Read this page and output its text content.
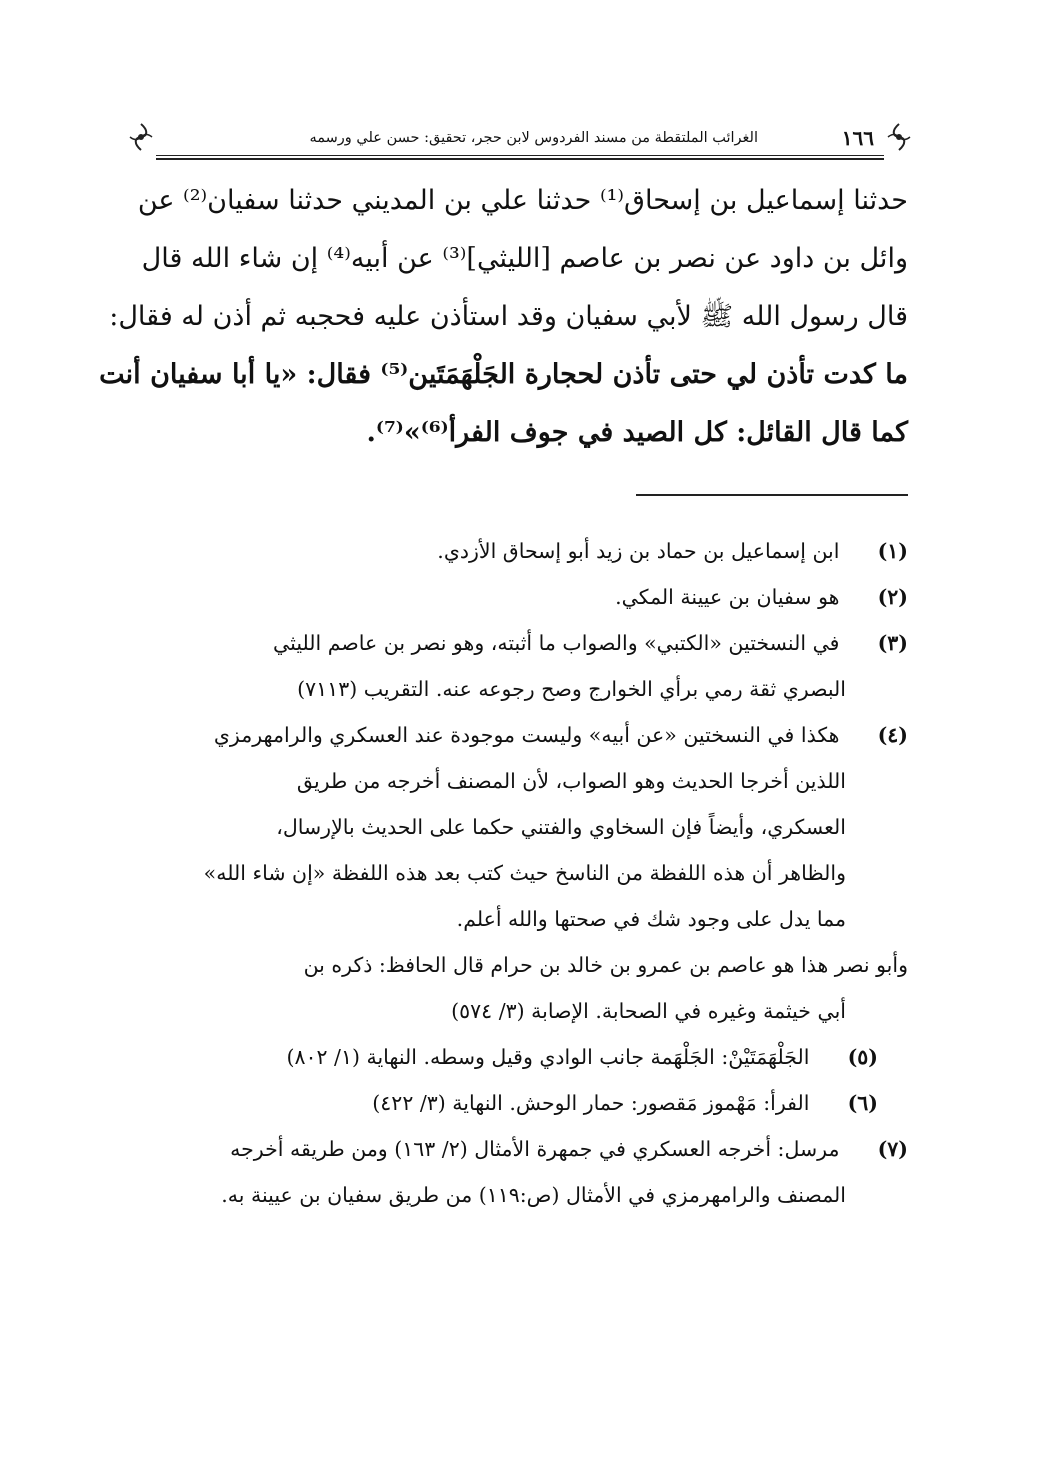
١٦٦
الغرائب الملتقطة من مسند الفردوس لابن حجر، تحقيق: حسن علي ورسمه
حدثنا إسماعيل بن إسحاق⁽¹⁾ حدثنا علي بن المديني حدثنا سفيان⁽²⁾ عن
وائل بن داود عن نصر بن عاصم [الليثي]⁽³⁾ عن أبيه⁽⁴⁾ إن شاء الله قال
قال رسول الله ﷺ لأبي سفيان وقد استأذن عليه فحجبه ثم أذن له فقال:
ما كدت تأذن لي حتى تأذن لحجارة الجَلْهَمَتَين⁽⁵⁾ فقال: «يا أبا سفيان أنت
كما قال القائل: كل الصيد في جوف الفرأ⁽⁶⁾»⁽⁷⁾.
(١) ابن إسماعيل بن حماد بن زيد أبو إسحاق الأزدي.
(٢) هو سفيان بن عيينة المكي.
(٣) في النسختين «الكتبي» والصواب ما أثبته، وهو نصر بن عاصم الليثي
البصري ثقة رمي برأي الخوارج وصح رجوعه عنه. التقريب (٧١١٣)
(٤) هكذا في النسختين «عن أبيه» وليست موجودة عند العسكري والرامهرمزي
اللذين أخرجا الحديث وهو الصواب، لأن المصنف أخرجه من طريق
العسكري، وأيضاً فإن السخاوي والفتني حكما على الحديث بالإرسال،
والظاهر أن هذه اللفظة من الناسخ حيث كتب بعد هذه اللفظة «إن شاء الله»
مما يدل على وجود شك في صحتها والله أعلم.
وأبو نصر هذا هو عاصم بن عمرو بن خالد بن حرام قال الحافظ: ذكره بن
أبي خيثمة وغيره في الصحابة. الإصابة (٣/ ٥٧٤)
(٥) الجَلْهَمَتَيْنْ: الجَلْهَمة جانب الوادي وقيل وسطه. النهاية (١/ ٨٠٢)
(٦) الفرأ: مَهْموز مَقصور: حمار الوحش. النهاية (٣/ ٤٢٢)
(٧) مرسل: أخرجه العسكري في جمهرة الأمثال (٢/ ١٦٣) ومن طريقه أخرجه
المصنف والرامهرمزي في الأمثال (ص:١١٩) من طريق سفيان بن عيينة به.
